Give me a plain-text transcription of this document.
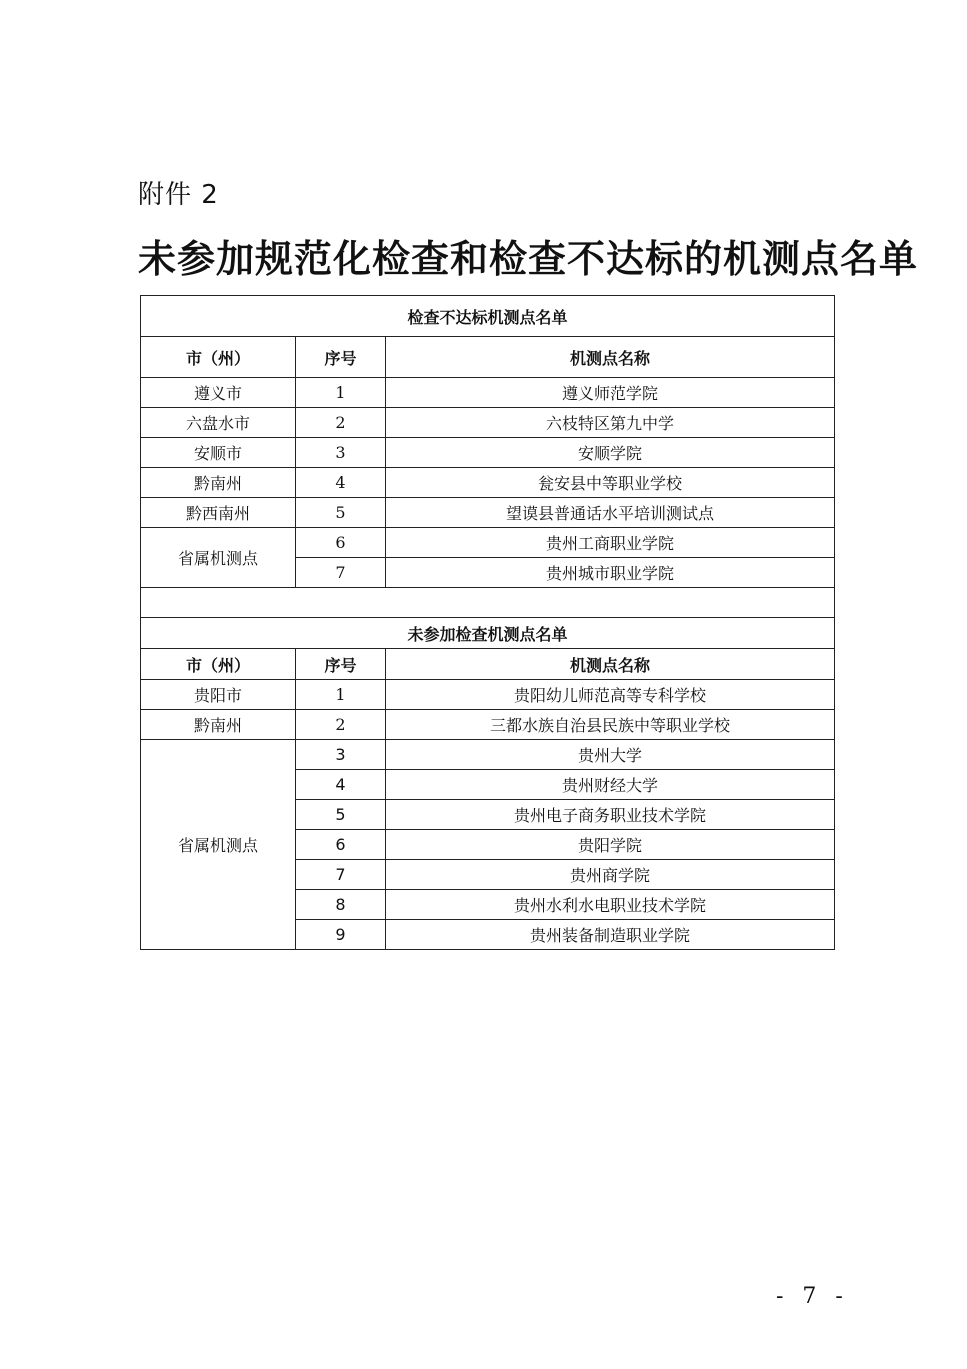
附件 2
未参加规范化检查和检查不达标的机测点名单
检查不达标机测点名单		
市（州）	序号	机测点名称
遵义市	1	遵义师范学院
六盘水市	2	六枝特区第九中学
安顺市	3	安顺学院
黔南州	4	瓮安县中等职业学校
黔西南州	5	望谟县普通话水平培训测试点
省属机测点	6	贵州工商职业学院
	7	贵州城市职业学院

未参加检查机测点名单		
市（州）	序号	机测点名称
贵阳市	1	贵阳幼儿师范高等专科学校
黔南州	2	三都水族自治县民族中等职业学校
省属机测点	3	贵州大学
	4	贵州财经大学
	5	贵州电子商务职业技术学院
	6	贵阳学院
	7	贵州商学院
	8	贵州水利水电职业技术学院
	9	贵州装备制造职业学院
- 7 -
